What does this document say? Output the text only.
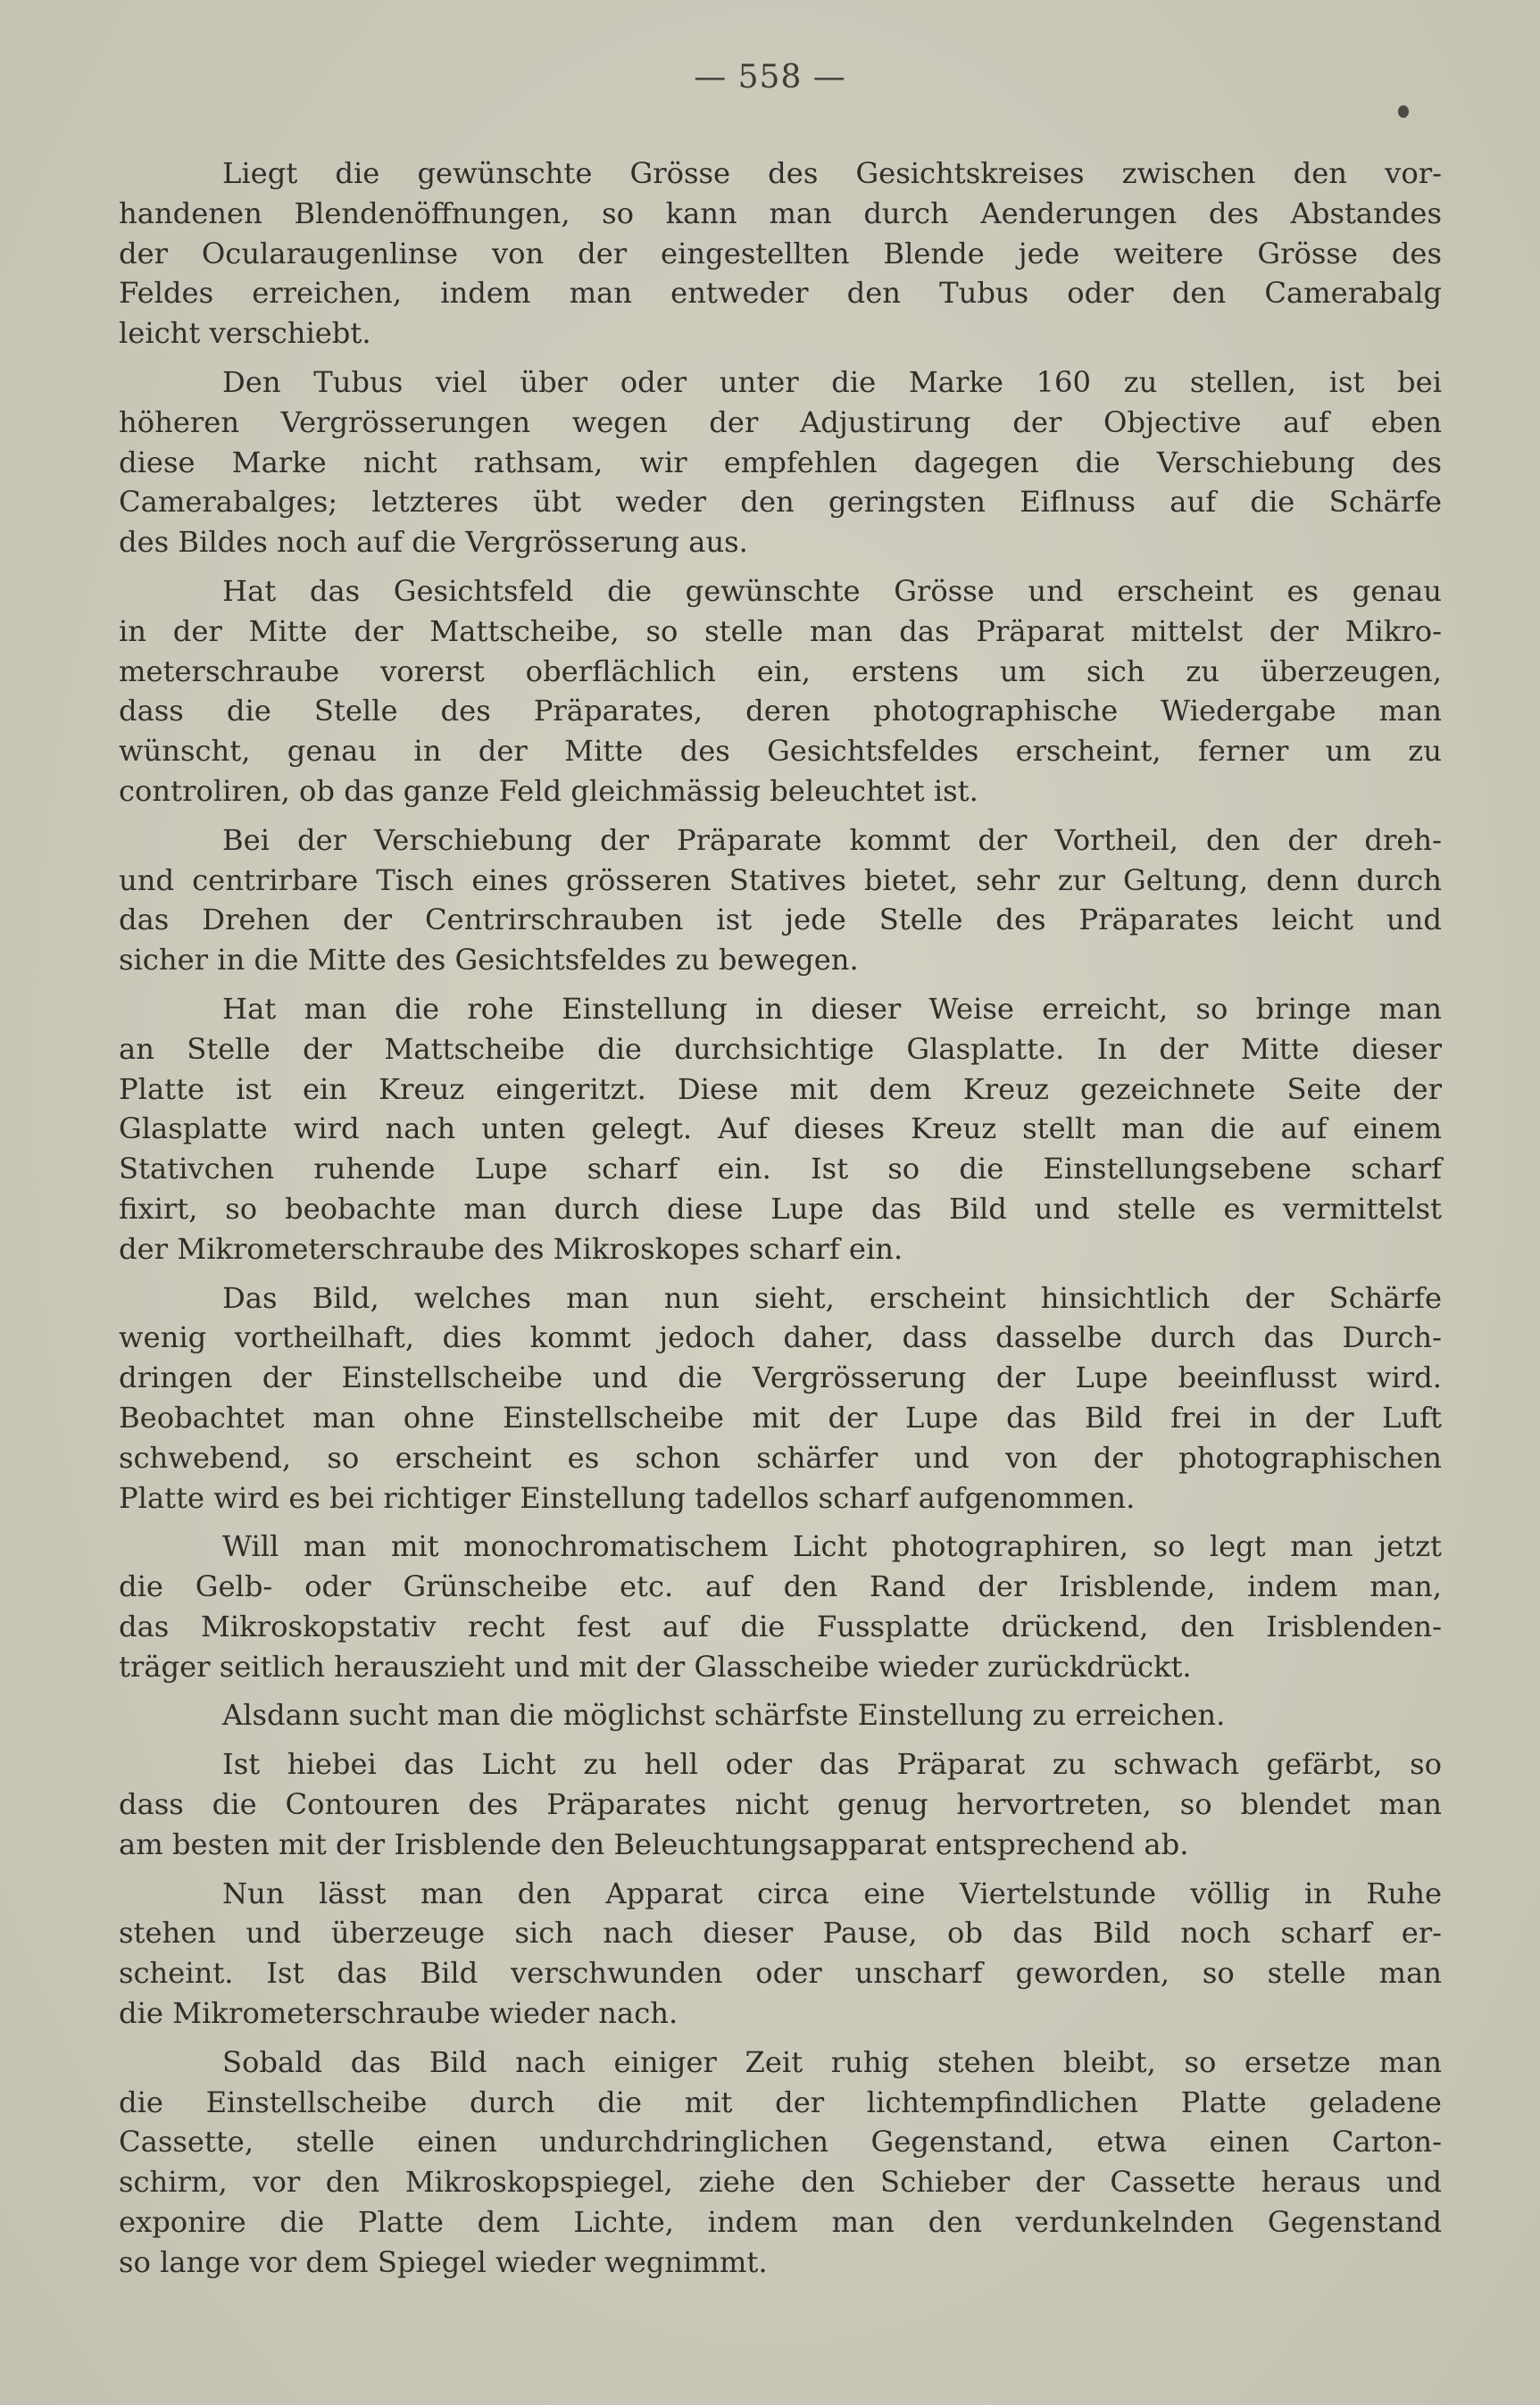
— 558 —
Liegt die gewünschte Grösse des Gesichtskreises zwischen den vor-
handenen Blendenöffnungen, so kann man durch Aenderungen des Abstandes
der Ocularaugenlinse von der eingestellten Blende jede weitere Grösse des
Feldes erreichen, indem man entweder den Tubus oder den Camerabalg
leicht verschiebt.
Den Tubus viel über oder unter die Marke 160 zu stellen, ist bei
höheren Vergrösserungen wegen der Adjustirung der Objective auf eben
diese Marke nicht rathsam, wir empfehlen dagegen die Verschiebung des
Camerabalges; letzteres übt weder den geringsten Eiflnuss auf die Schärfe
des Bildes noch auf die Vergrösserung aus.
Hat das Gesichtsfeld die gewünschte Grösse und erscheint es genau
in der Mitte der Mattscheibe, so stelle man das Präparat mittelst der Mikro-
meterschraube vorerst oberflächlich ein, erstens um sich zu überzeugen,
dass die Stelle des Präparates, deren photographische Wiedergabe man
wünscht, genau in der Mitte des Gesichtsfeldes erscheint, ferner um zu
controliren, ob das ganze Feld gleichmässig beleuchtet ist.
Bei der Verschiebung der Präparate kommt der Vortheil, den der dreh-
und centrirbare Tisch eines grösseren Statives bietet, sehr zur Geltung, denn durch
das Drehen der Centrirschrauben ist jede Stelle des Präparates leicht und
sicher in die Mitte des Gesichtsfeldes zu bewegen.
Hat man die rohe Einstellung in dieser Weise erreicht, so bringe man
an Stelle der Mattscheibe die durchsichtige Glasplatte. In der Mitte dieser
Platte ist ein Kreuz eingeritzt. Diese mit dem Kreuz gezeichnete Seite der
Glasplatte wird nach unten gelegt. Auf dieses Kreuz stellt man die auf einem
Stativchen ruhende Lupe scharf ein. Ist so die Einstellungsebene scharf
fixirt, so beobachte man durch diese Lupe das Bild und stelle es vermittelst
der Mikrometerschraube des Mikroskopes scharf ein.
Das Bild, welches man nun sieht, erscheint hinsichtlich der Schärfe
wenig vortheilhaft, dies kommt jedoch daher, dass dasselbe durch das Durch-
dringen der Einstellscheibe und die Vergrösserung der Lupe beeinflusst wird.
Beobachtet man ohne Einstellscheibe mit der Lupe das Bild frei in der Luft
schwebend, so erscheint es schon schärfer und von der photographischen
Platte wird es bei richtiger Einstellung tadellos scharf aufgenommen.
Will man mit monochromatischem Licht photographiren, so legt man jetzt
die Gelb- oder Grünscheibe etc. auf den Rand der Irisblende, indem man,
das Mikroskopstativ recht fest auf die Fussplatte drückend, den Irisblenden-
träger seitlich herauszieht und mit der Glasscheibe wieder zurückdrückt.
Alsdann sucht man die möglichst schärfste Einstellung zu erreichen.
Ist hiebei das Licht zu hell oder das Präparat zu schwach gefärbt, so
dass die Contouren des Präparates nicht genug hervortreten, so blendet man
am besten mit der Irisblende den Beleuchtungsapparat entsprechend ab.
Nun lässt man den Apparat circa eine Viertelstunde völlig in Ruhe
stehen und überzeuge sich nach dieser Pause, ob das Bild noch scharf er-
scheint. Ist das Bild verschwunden oder unscharf geworden, so stelle man
die Mikrometerschraube wieder nach.
Sobald das Bild nach einiger Zeit ruhig stehen bleibt, so ersetze man
die Einstellscheibe durch die mit der lichtempfindlichen Platte geladene
Cassette, stelle einen undurchdringlichen Gegenstand, etwa einen Carton-
schirm, vor den Mikroskopspiegel, ziehe den Schieber der Cassette heraus und
exponire die Platte dem Lichte, indem man den verdunkelnden Gegenstand
so lange vor dem Spiegel wieder wegnimmt.
